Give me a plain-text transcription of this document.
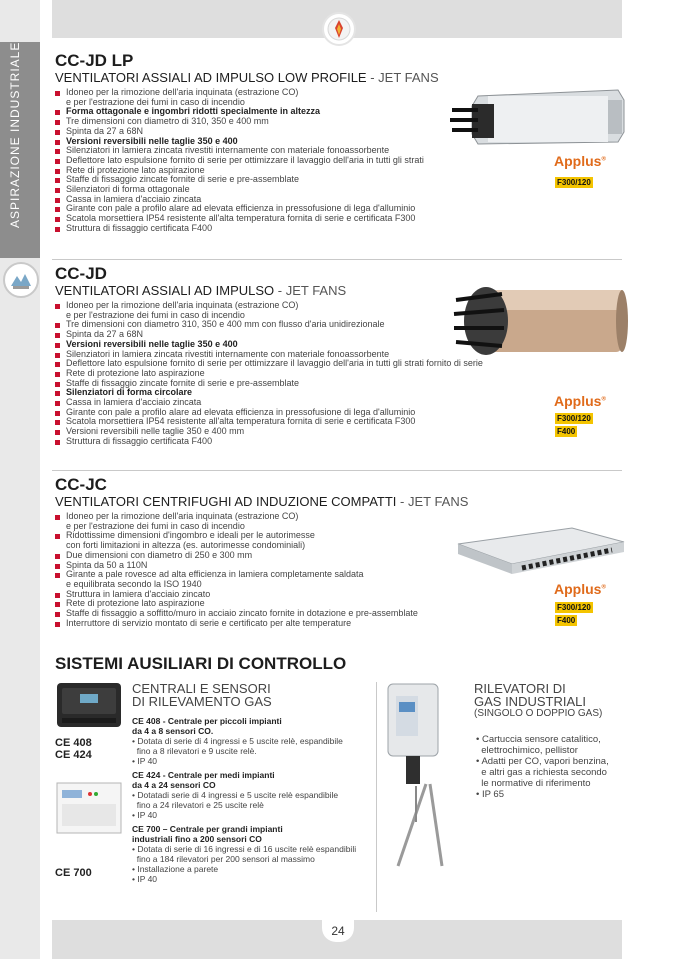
ASPIRAZIONE INDUSTRIALE CC-JD LP
VENTILATORI ASSIALI AD IMPULSO LOW PROFILE - JET FANS
Idoneo per la rimozione dell'aria inquinata (estrazione CO)
e per l'estrazione dei fumi in caso di incendio
Forma ottagonale e ingombri ridotti specialmente in altezza
Tre dimensioni con diametro di 310, 350 e 400 mm
Spinta da 27 a 68N
Versioni reversibili nelle taglie 350 e 400
Silenziatori in lamiera zincata rivestiti internamente con materiale fonoassorbente
Deflettore lato espulsione fornito di serie per ottimizzare il lavaggio dell'aria in tutti gli strati
Rete di protezione lato aspirazione
Staffe di fissaggio zincate fornite di serie e pre-assemblate
Silenziatori di forma ottagonale
Cassa in lamiera d'acciaio zincata
Girante con pale a profilo alare ad elevata efficienza in pressofusione di lega d'alluminio
Scatola morsettiera IP54 resistente all'alta temperatura fornita di serie e certificata F300
Struttura di fissaggio certificata F400
Applus®
F300/120
CC-JD
VENTILATORI ASSIALI AD IMPULSO - JET FANS
Idoneo per la rimozione dell'aria inquinata (estrazione CO)
e per l'estrazione dei fumi in caso di incendio
Tre dimensioni con diametro 310, 350 e 400 mm con flusso d'aria unidirezionale
Spinta da 27 a 68N
Versioni reversibili nelle taglie 350 e 400
Silenziatori in lamiera zincata rivestiti internamente con materiale fonoassorbente
Deflettore lato espulsione fornito di serie per ottimizzare il lavaggio dell'aria in tutti gli strati fornito di serie
Rete di protezione lato aspirazione
Staffe di fissaggio zincate fornite di serie e pre-assemblate
Silenziatori di forma circolare
Cassa in lamiera d'acciaio zincata
Girante con pale a profilo alare ad elevata efficienza in pressofusione di lega d'alluminio
Scatola morsettiera IP54 resistente all'alta temperatura fornita di serie e certificata F300
Versioni reversibili nelle taglie 350 e 400 mm
Struttura di fissaggio certificata F400
Applus®
F300/120
F400
CC-JC
VENTILATORI CENTRIFUGHI AD INDUZIONE COMPATTI - JET FANS
Idoneo per la rimozione dell'aria inquinata (estrazione CO)
e per l'estrazione dei fumi in caso di incendio
Ridottissime dimensioni d'ingombro e ideali per le autorimesse
con forti limitazioni in altezza (es. autorimesse condominiali)
Due dimensioni con diametro di 250 e 300 mm
Spinta da 50 a 110N
Girante a pale rovesce ad alta efficienza in lamiera completamente saldata
e equilibrata secondo la ISO 1940
Struttura in lamiera d'acciaio zincato
Rete di protezione lato aspirazione
Staffe di fissaggio a soffitto/muro in acciaio zincato fornite in dotazione e pre-assemblate
Interruttore di servizio montato di serie e certificato per alte temperature
Applus®
F300/120
F400
SISTEMI AUSILIARI DI CONTROLLO
CE 408
CE 424
CE 700
CENTRALI E SENSORI
DI RILEVAMENTO GAS
CE 408 - Centrale per piccoli impianti
da 4 a 8 sensori CO.
• Dotata di serie di 4 ingressi e 5 uscite relè, espandibile
fino a 8 rilevatori e 9 uscite relè.
• IP 40
CE 424 - Centrale per medi impianti
da 4 a 24 sensori CO
• Dotatadi serie di 4 ingressi e 5 uscite relè espandibile
fino a 24 rilevatori e 25 uscite relè
• IP 40
CE 700 – Centrale per grandi impianti
industriali fino a 200 sensori CO
• Dotata di serie di 16 ingressi e di 16 uscite relè espandibili
fino a 184 rilevatori per 200 sensori al massimo
• Installazione a parete
• IP 40
RILEVATORI DI
GAS INDUSTRIALI
(SINGOLO O DOPPIO GAS)
• Cartuccia sensore catalitico,
elettrochimico, pellistor
• Adatti per CO, vapori benzina,
e altri gas a richiesta secondo
le normative di riferimento
• IP 65
24
